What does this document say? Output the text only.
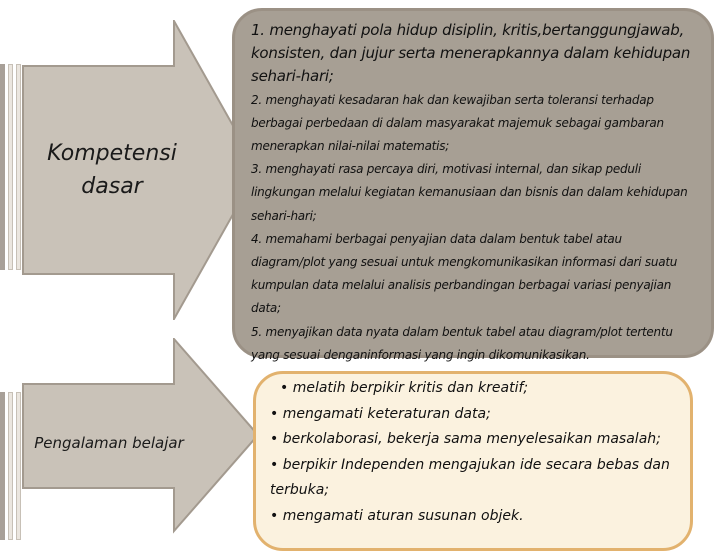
Kompetensi dasar
Pengalaman belajar

1. menghayati pola hidup disiplin, kritis,bertanggungjawab, konsisten, dan jujur serta menerapkannya dalam kehidupan sehari-hari;

2. menghayati kesadaran hak dan kewajiban serta toleransi terhadap berbagai perbedaan di dalam masyarakat majemuk sebagai gambaran menerapkan nilai-nilai matematis;

3. menghayati rasa percaya diri, motivasi internal, dan sikap peduli lingkungan melalui kegiatan kemanusiaan dan bisnis dan dalam kehidupan sehari-hari;

4. memahami berbagai penyajian data dalam bentuk tabel atau diagram/plot yang sesuai untuk mengkomunikasikan informasi dari suatu kumpulan data melalui analisis perbandingan berbagai variasi penyajian data;

5. menyajikan data nyata dalam bentuk tabel atau diagram/plot tertentu yang sesuai denganinformasi yang ingin dikomunikasikan.

• melatih berpikir kritis dan kreatif;

• mengamati keteraturan data;

• berkolaborasi, bekerja sama menyelesaikan masalah;

• berpikir Independen mengajukan ide secara bebas dan terbuka;

• mengamati aturan susunan objek.
